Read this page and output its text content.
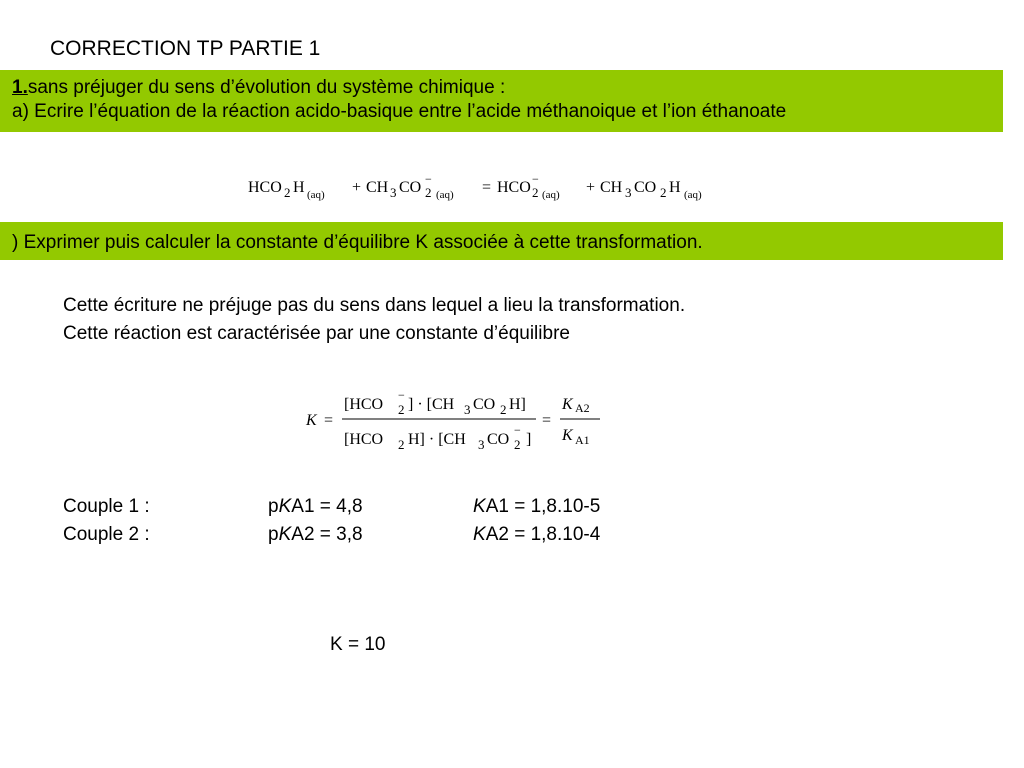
CORRECTION TP PARTIE 1
1.sans préjuger du sens d’évolution du système chimique :
a) Ecrire l’équation de la réaction acido-basique entre l’acide méthanoique et l’ion éthanoate
HCO 2 H (aq) + CH 3 CO 2
−
(aq) = HCO 2
−
(aq) + CH 3 CO 2 H (aq)
​) Exprimer puis calculer la constante d’équilibre K associée à cette transformation.
Cette écriture ne préjuge pas du sens dans lequel a lieu la transformation.
Cette réaction est caractérisée par une constante d’équilibre
K =
[HCO 2
−
] · [CH 3 CO 2 H]
[HCO 2 H] · [CH 3 CO 2
−
]
=
K A2
K A1
Couple 1 :	pKA1 = 4,8	KA1 = 1,8.10-5
Couple 2 :	pKA2 = 3,8	KA2 = 1,8.10-4
K = 10
